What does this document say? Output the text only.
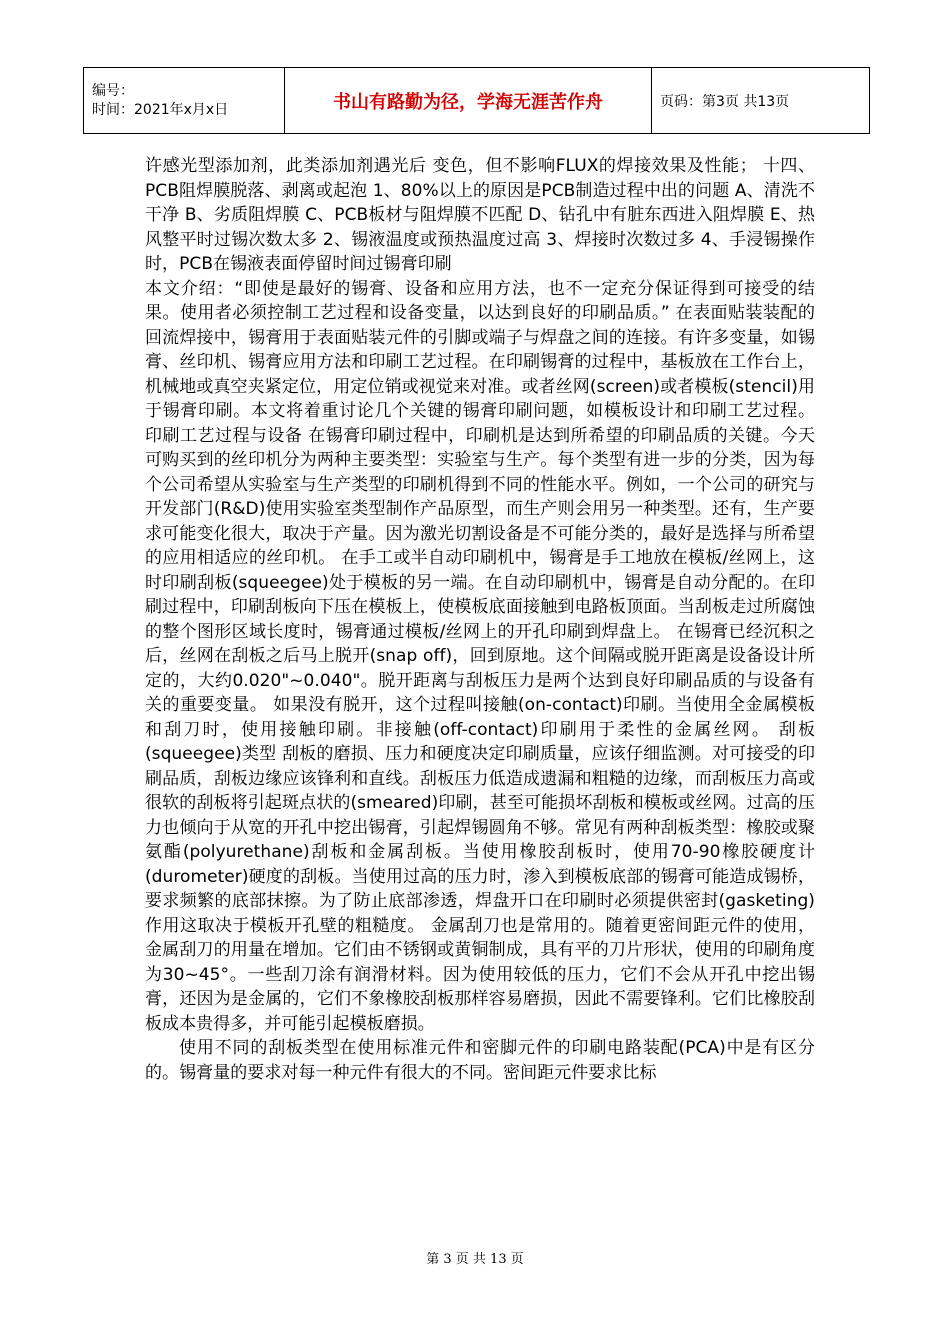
编号：
时间：2021年x月x日	书山有路勤为径，学海无涯苦作舟	页码：第3页 共13页

许感光型添加剂，此类添加剂遇光后 变色，但不影响FLUX的焊接效果及性能； 十四、PCB阻焊膜脱落、剥离或起泡 1、80%以上的原因是PCB制造过程中出的问题 A、清洗不干净 B、劣质阻焊膜 C、PCB板材与阻焊膜不匹配 D、钻孔中有脏东西进入阻焊膜 E、热风整平时过锡次数太多 2、锡液温度或预热温度过高 3、焊接时次数过多 4、手浸锡操作时，PCB在锡液表面停留时间过锡膏印刷

本文介绍：“即使是最好的锡膏、设备和应用方法，也不一定充分保证得到可接受的结果。使用者必须控制工艺过程和设备变量，以达到良好的印刷品质。” 在表面贴装装配的回流焊接中，锡膏用于表面贴装元件的引脚或端子与焊盘之间的连接。有许多变量，如锡膏、丝印机、锡膏应用方法和印刷工艺过程。在印刷锡膏的过程中，基板放在工作台上，机械地或真空夹紧定位，用定位销或视觉来对准。或者丝网(screen)或者模板(stencil)用于锡膏印刷。本文将着重讨论几个关键的锡膏印刷问题，如模板设计和印刷工艺过程。 印刷工艺过程与设备 在锡膏印刷过程中，印刷机是达到所希望的印刷品质的关键。今天可购买到的丝印机分为两种主要类型：实验室与生产。每个类型有进一步的分类，因为每个公司希望从实验室与生产类型的印刷机得到不同的性能水平。例如，一个公司的研究与开发部门(R&D)使用实验室类型制作产品原型，而生产则会用另一种类型。还有，生产要求可能变化很大，取决于产量。因为激光切割设备是不可能分类的，最好是选择与所希望的应用相适应的丝印机。 在手工或半自动印刷机中，锡膏是手工地放在模板/丝网上，这时印刷刮板(squeegee)处于模板的另一端。在自动印刷机中，锡膏是自动分配的。在印刷过程中，印刷刮板向下压在模板上，使模板底面接触到电路板顶面。当刮板走过所腐蚀的整个图形区域长度时，锡膏通过模板/丝网上的开孔印刷到焊盘上。 在锡膏已经沉积之后，丝网在刮板之后马上脱开(snap off)，回到原地。这个间隔或脱开距离是设备设计所定的，大约0.020"~0.040"。脱开距离与刮板压力是两个达到良好印刷品质的与设备有关的重要变量。 如果没有脱开，这个过程叫接触(on-contact)印刷。当使用全金属模板和刮刀时，使用接触印刷。非接触(off-contact)印刷用于柔性的金属丝网。 刮板(squeegee)类型 刮板的磨损、压力和硬度决定印刷质量，应该仔细监测。对可接受的印刷品质，刮板边缘应该锋利和直线。刮板压力低造成遗漏和粗糙的边缘，而刮板压力高或很软的刮板将引起斑点状的(smeared)印刷，甚至可能损坏刮板和模板或丝网。过高的压力也倾向于从宽的开孔中挖出锡膏，引起焊锡圆角不够。常见有两种刮板类型：橡胶或聚氨酯(polyurethane)刮板和金属刮板。当使用橡胶刮板时，使用70-90橡胶硬度计(durometer)硬度的刮板。当使用过高的压力时，渗入到模板底部的锡膏可能造成锡桥，要求频繁的底部抹擦。为了防止底部渗透，焊盘开口在印刷时必须提供密封(gasketing)作用这取决于模板开孔壁的粗糙度。 金属刮刀也是常用的。随着更密间距元件的使用，金属刮刀的用量在增加。它们由不锈钢或黄铜制成，具有平的刀片形状，使用的印刷角度为30~45°。一些刮刀涂有润滑材料。因为使用较低的压力，它们不会从开孔中挖出锡膏，还因为是金属的，它们不象橡胶刮板那样容易磨损，因此不需要锋利。它们比橡胶刮板成本贵得多，并可能引起模板磨损。

使用不同的刮板类型在使用标准元件和密脚元件的印刷电路装配(PCA)中是有区分的。锡膏量的要求对每一种元件有很大的不同。密间距元件要求比标

第 3 页 共 13 页
